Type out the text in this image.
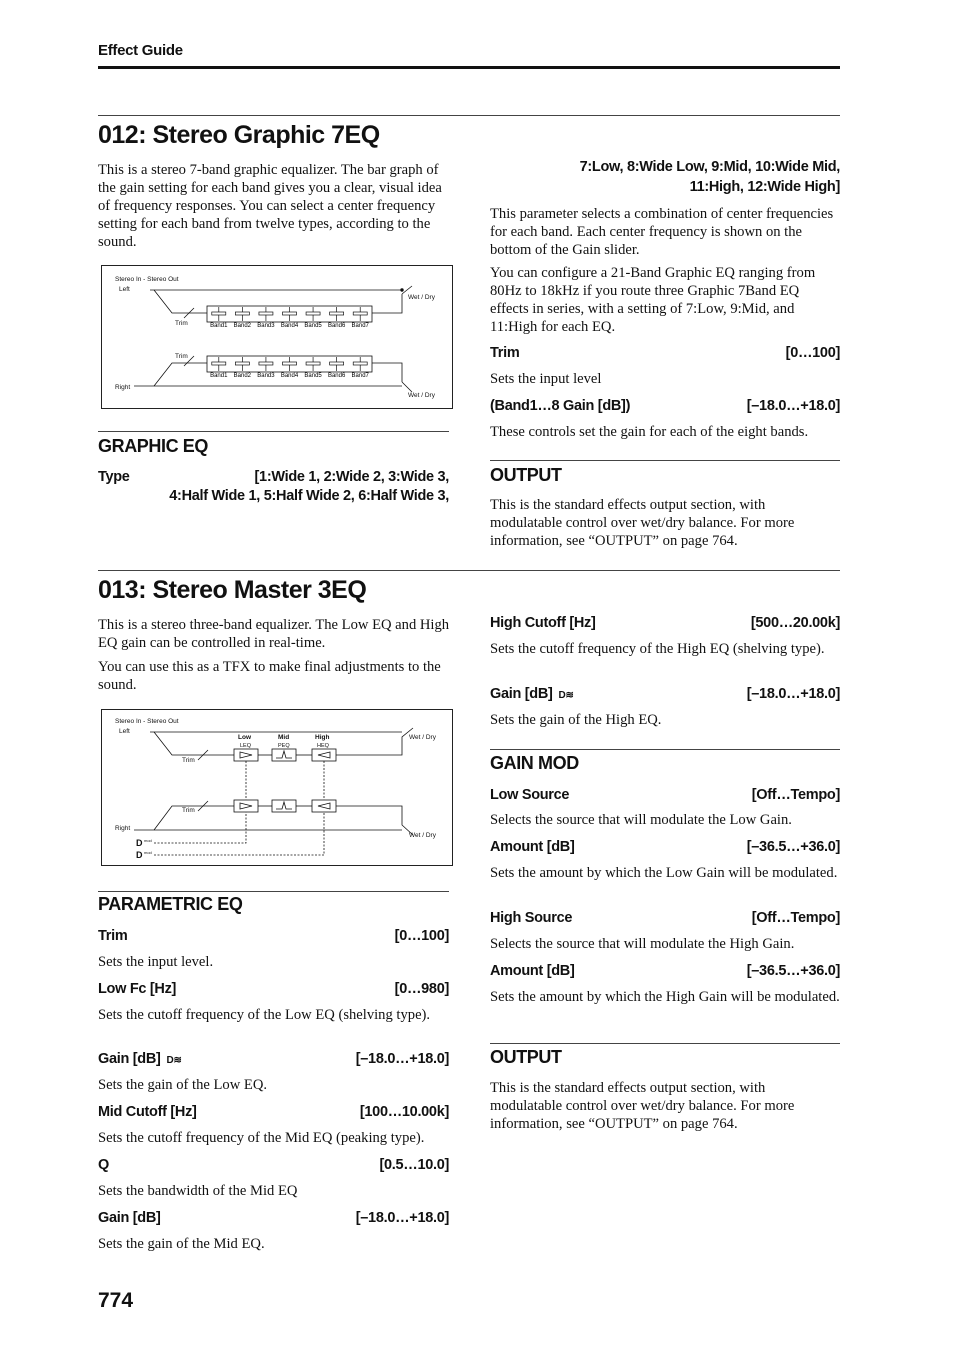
Effect Guide
012: Stereo Graphic 7EQ

This is a stereo 7-band graphic equalizer. The bar graph of the gain setting for each band gives you a clear, visual idea of frequency responses. You can select a center frequency setting for each band from twelve types, according to the sound.

Stereo In - Stereo Out
Left
Right
Trim
Trim
Wet / Dry
Wet / Dry
Band1 Band2 Band3 Band4 Band5 Band6 Band7
Band1 Band2 Band3 Band4 Band5 Band6 Band7
GRAPHIC EQ
Type	[1:Wide 1, 2:Wide 2, 3:Wide 3,
4:Half Wide 1, 5:Half Wide 2, 6:Half Wide 3,
7:Low, 8:Wide Low, 9:Mid, 10:Wide Mid,
11:High, 12:Wide High]

This parameter selects a combination of center frequencies for each band. Each center frequency is shown on the bottom of the Gain slider.

You can configure a 21-Band Graphic EQ ranging from 80Hz to 18kHz if you route three Graphic 7Band EQ effects in series, with a setting of 7:Low, 9:Mid, and 11:High for each EQ.

Trim	[0…100]

Sets the input level

(Band1…8 Gain [dB])	[–18.0…+18.0]

These controls set the gain for each of the eight bands.

OUTPUT

This is the standard effects output section, with modulatable control over wet/dry balance. For more information, see “OUTPUT” on page 764.

013: Stereo Master 3EQ

This is a stereo three-band equalizer. The Low EQ and High EQ gain can be controlled in real-time.

You can use this as a TFX to make final adjustments to the sound.

Stereo In - Stereo Out
Left
Right
Trim
Trim
Wet / Dry
Wet / Dry
Low	Mid	High
LEQ	PEQ	HEQ
D mod
D mod
PARAMETRIC EQ
Trim	[0…100]

Sets the input level.

Low Fc [Hz]	[0…980]

Sets the cutoff frequency of the Low EQ (shelving type).

Gain [dB] D≋	[–18.0…+18.0]

Sets the gain of the Low EQ.

Mid Cutoff [Hz]	[100…10.00k]

Sets the cutoff frequency of the Mid EQ (peaking type).

Q	[0.5…10.0]

Sets the bandwidth of the Mid EQ

Gain [dB]	[–18.0…+18.0]

Sets the gain of the Mid EQ.

High Cutoff [Hz]	[500…20.00k]

Sets the cutoff frequency of the High EQ (shelving type).

Gain [dB] D≋	[–18.0…+18.0]

Sets the gain of the High EQ.

GAIN MOD
Low Source	[Off…Tempo]

Selects the source that will modulate the Low Gain.

Amount [dB]	[–36.5…+36.0]

Sets the amount by which the Low Gain will be modulated.

High Source	[Off…Tempo]

Selects the source that will modulate the High Gain.

Amount [dB]	[–36.5…+36.0]

Sets the amount by which the High Gain will be modulated.

OUTPUT

This is the standard effects output section, with modulatable control over wet/dry balance. For more information, see “OUTPUT” on page 764.

774
